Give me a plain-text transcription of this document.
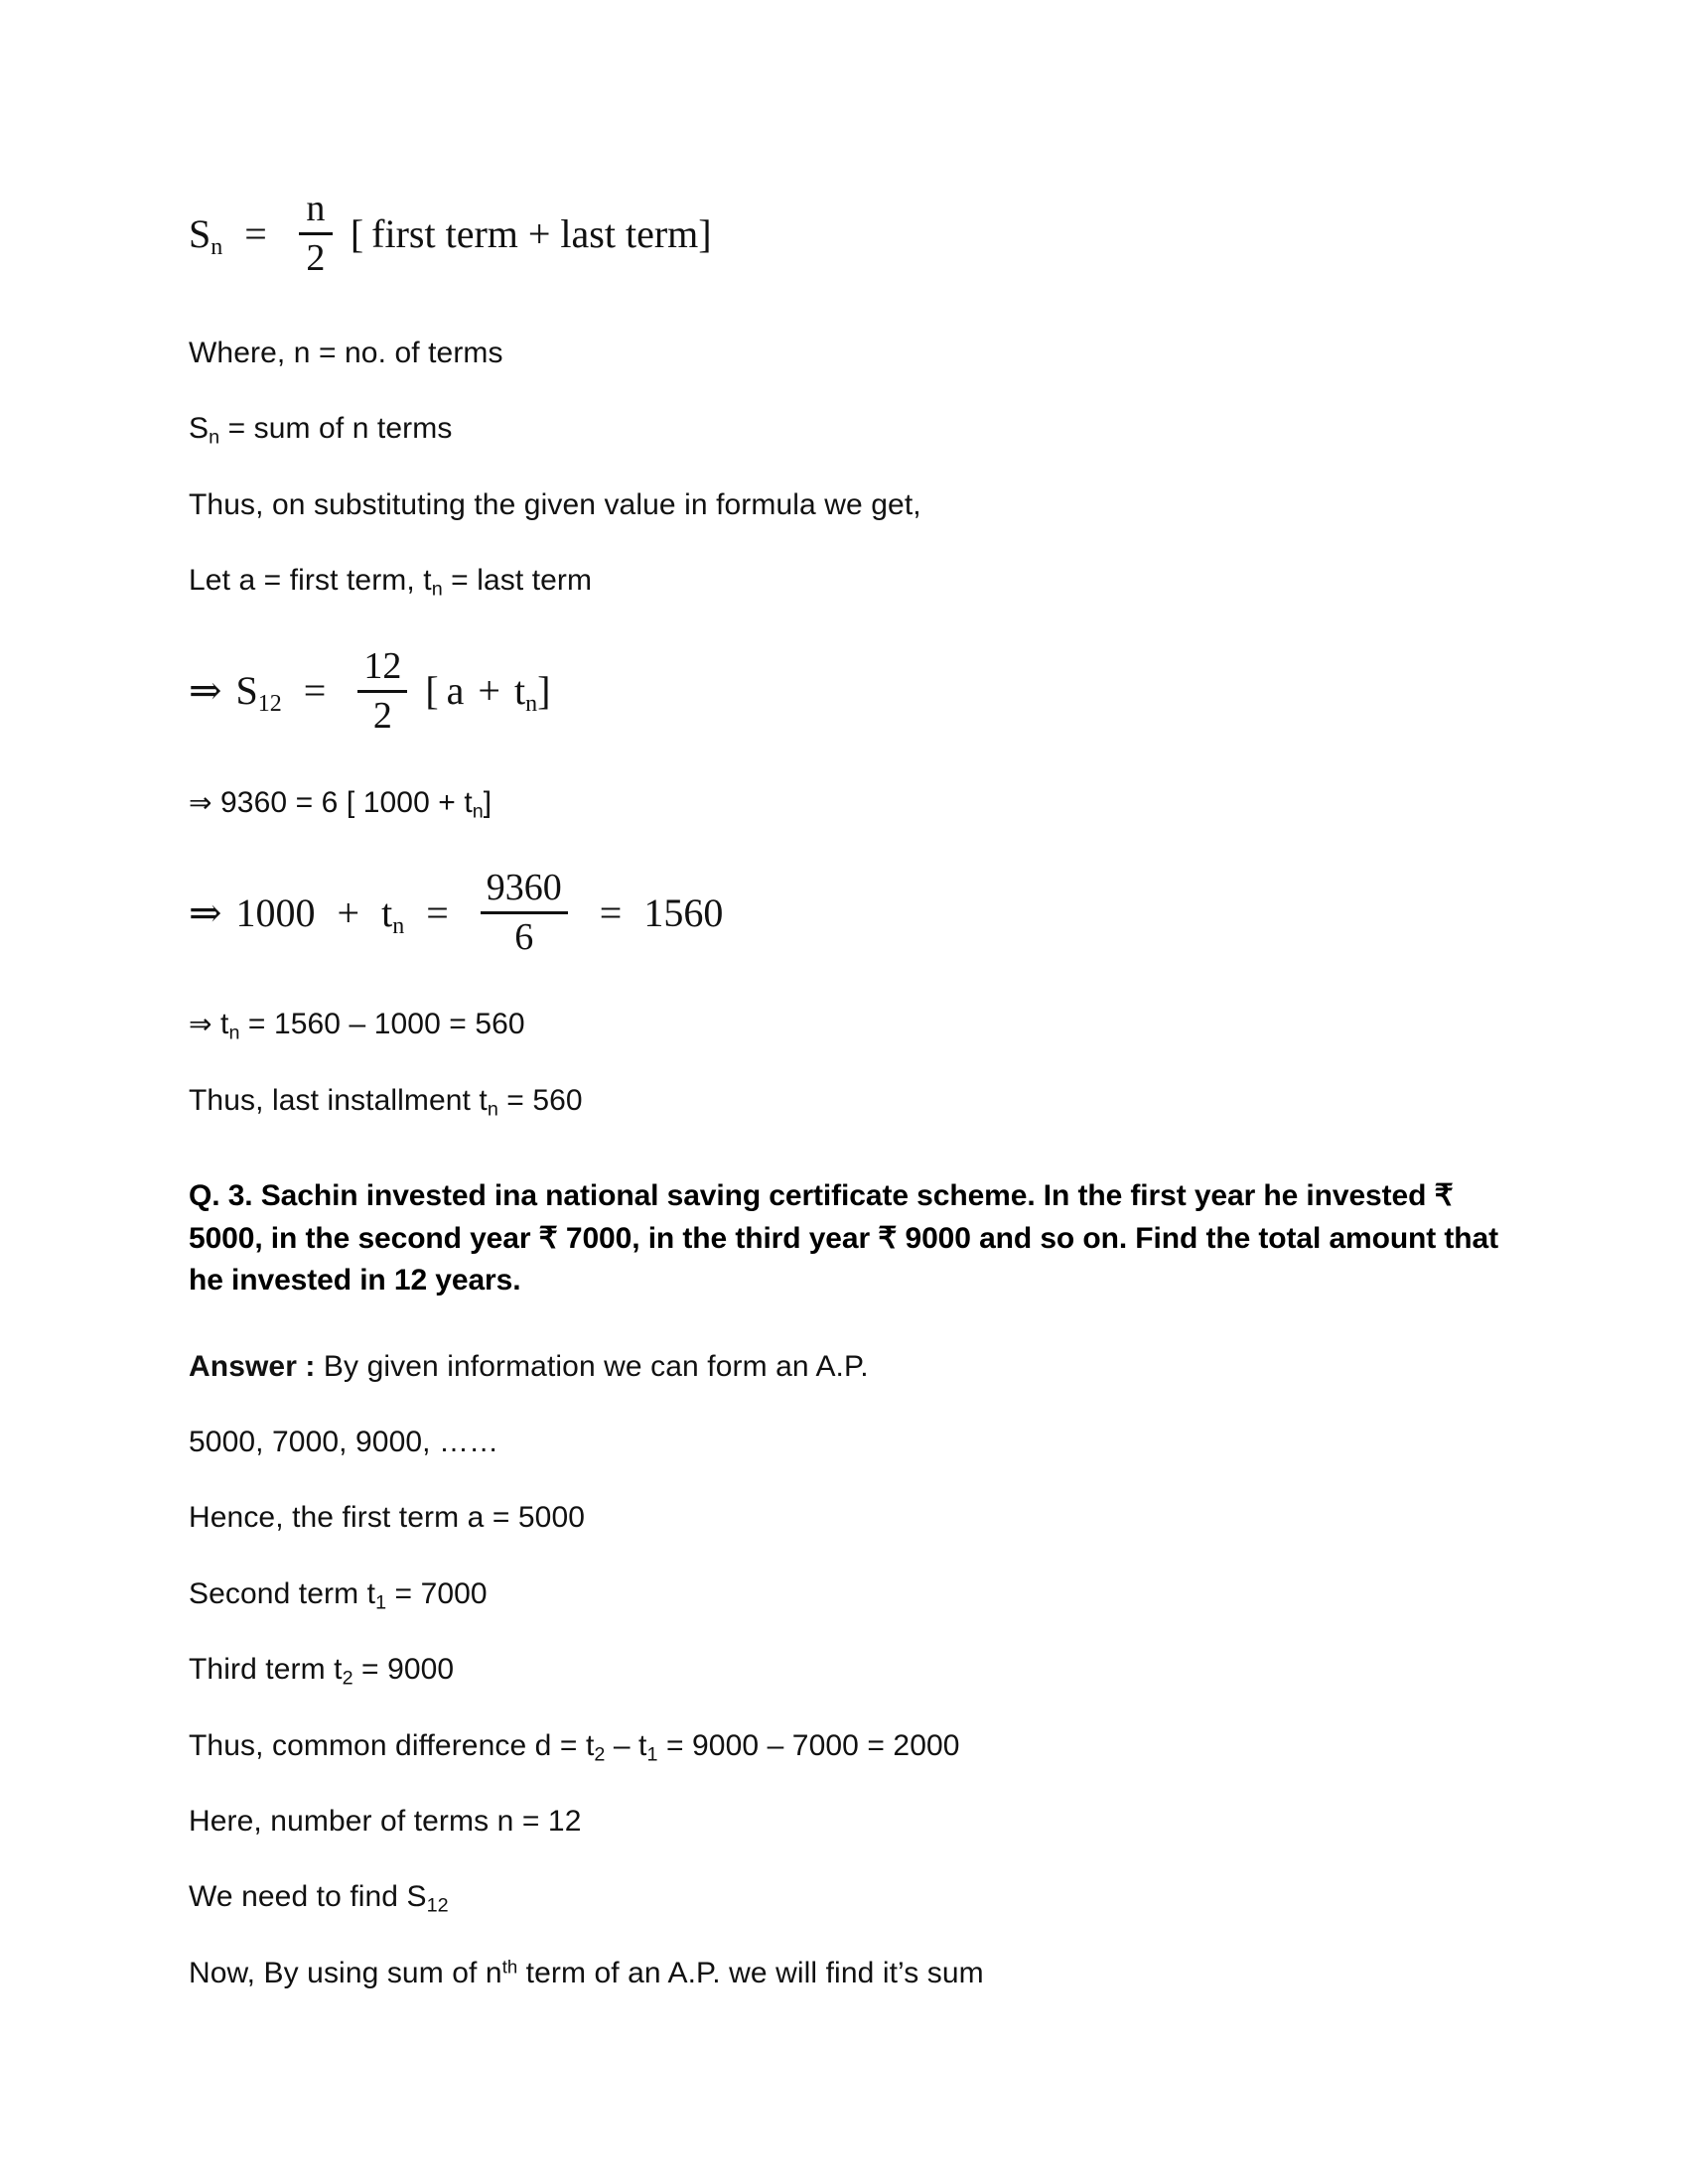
$S_n = \frac{n}{2}$ [ first term + last term ]

Where, n = no. of terms

$S_n$ = sum of n terms

Thus, on substituting the given value in formula we get,

Let a = first term, $t_n$ = last term

⇒ $S_{12} = \frac{12}{2}$ [ $a + t_n$ ]

⇒ 9360 = 6 [ $1000 + t_n$]

⇒ $1000 + t_n = \frac{9360}{6} = 1560$

⇒ $t_n = 1560 - 1000 = 560$

Thus, last installment $t_n = 560$

Q. 3. Sachin invested ina national saving certificate scheme. In the first year he invested ₹ 5000, in the second year ₹ 7000, in the third year ₹ 9000 and so on. Find the total amount that he invested in 12 years.

Answer : By given information we can form an A.P.

5000, 7000, 9000, ……

Hence, the first term a = 5000

Second term $t_1 = 7000$

Third term $t_2 = 9000$

Thus, common difference $d = t_2 - t_1 = 9000 - 7000 = 2000$

Here, number of terms n = 12

We need to find $S_{12}$

Now, By using sum of $n^{th}$ term of an A.P. we will find it’s sum
